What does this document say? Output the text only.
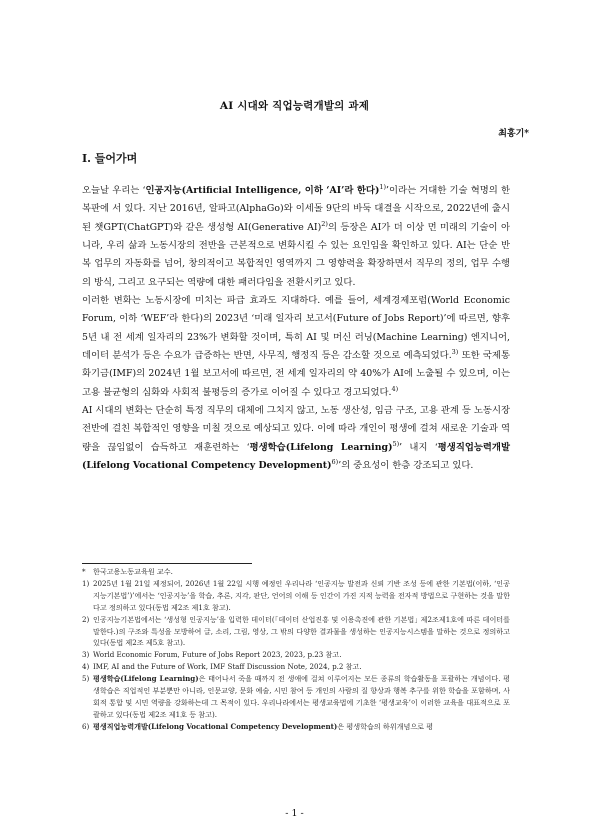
AI 시대와 직업능력개발의 과제
최홍기*
Ⅰ. 들어가며

오늘날 우리는 ‘인공지능(Artificial Intelligence, 이하 ‘AI’라 한다)$^{1)}$’이라는 거대한 기술 혁명의 한복판에 서 있다. 지난 2016년, 알파고(AlphaGo)와 이세돌 9단의 바둑 대결을 시작으로, 2022년에 출시된 챗GPT(ChatGPT)와 같은 생성형 AI(Generative AI)$^{2)}$의 등장은 AI가 더 이상 먼 미래의 기술이 아니라, 우리 삶과 노동시장의 전반을 근본적으로 변화시킬 수 있는 요인임을 확인하고 있다. AI는 단순 반복 업무의 자동화를 넘어, 창의적이고 복합적인 영역까지 그 영향력을 확장하면서 직무의 정의, 업무 수행의 방식, 그리고 요구되는 역량에 대한 패러다임을 전환시키고 있다.

이러한 변화는 노동시장에 미치는 파급 효과도 지대하다. 예를 들어, 세계경제포럼(World Economic Forum, 이하 ‘WEF’라 한다)의 2023년 ‘미래 일자리 보고서(Future of Jobs Report)’에 따르면, 향후 5년 내 전 세계 일자리의 23%가 변화할 것이며, 특히 AI 및 머신 러닝(Machine Learning) 엔지니어, 데이터 분석가 등은 수요가 급증하는 반면, 사무직, 행정직 등은 감소할 것으로 예측되었다.$^{3)}$ 또한 국제통화기금(IMF)의 2024년 1월 보고서에 따르면, 전 세계 일자리의 약 40%가 AI에 노출될 수 있으며, 이는 고용 불균형의 심화와 사회적 불평등의 증가로 이어질 수 있다고 경고되었다.$^{4)}$

AI 시대의 변화는 단순히 특정 직무의 대체에 그치지 않고, 노동 생산성, 임금 구조, 고용 관계 등 노동시장 전반에 걸친 복합적인 영향을 미칠 것으로 예상되고 있다. 이에 따라 개인이 평생에 걸쳐 새로운 기술과 역량을 끊임없이 습득하고 재훈련하는 ‘평생학습(Lifelong Learning)$^{5)}$’ 내지 ‘평생직업능력개발(Lifelong Vocational Competency Development)$^{6)}$’의 중요성이 한층 강조되고 있다.

*	한국고용노동교육원 교수.
1) 2025년 1월 21일 제정되어, 2026년 1월 22일 시행 예정인 우리나라 ‘인공지능 발전과 신뢰 기반 조성 등에 관한 기본법(이하, ‘인공지능기본법’)’에서는 ‘인공지능’을 학습, 추론, 지각, 판단, 언어의 이해 등 인간이 가진 지적 능력을 전자적 방법으로 구현하는 것을 말한다고 정의하고 있다(동법 제2조 제1호 참고).
2) 인공지능기본법에서는 ‘생성형 인공지능’을 입력한 데이터(｢데이터 산업진흥 및 이용촉진에 관한 기본법｣ 제2조제1호에 따른 데이터를 말한다.)의 구조와 특성을 모방하여 글, 소리, 그림, 영상, 그 밖의 다양한 결과물을 생성하는 인공지능시스템을 말하는 것으로 정의하고 있다(동법 제2조 제5호 참고).
3) World Economic Forum, Future of Jobs Report 2023, 2023, p.23 참고.
4) IMF, AI and the Future of Work, IMF Staff Discussion Note, 2024, p.2 참고.
5) 평생학습(Lifelong Learning)은 태어나서 죽을 때까지 전 생애에 걸쳐 이루어지는 모든 종류의 학습활동을 포괄하는 개념이다. 평생학습은 직업적인 부분뿐만 아니라, 인문교양, 문화 예술, 시민 참여 등 개인의 사람의 질 향상과 행복 추구를 위한 학습을 포함하며, 사회적 통합 및 시민 역량을 강화하는데 그 목적이 있다. 우리나라에서는 평생교육법에 기초한 ‘평생교육’이 이러한 교육을 대표적으로 포괄하고 있다(동법 제2조 제1호 등 참고).
6) 평생직업능력개발(Lifelong Vocational Competency Development)은 평생학습의 하위개념으로 평
- 1 -
